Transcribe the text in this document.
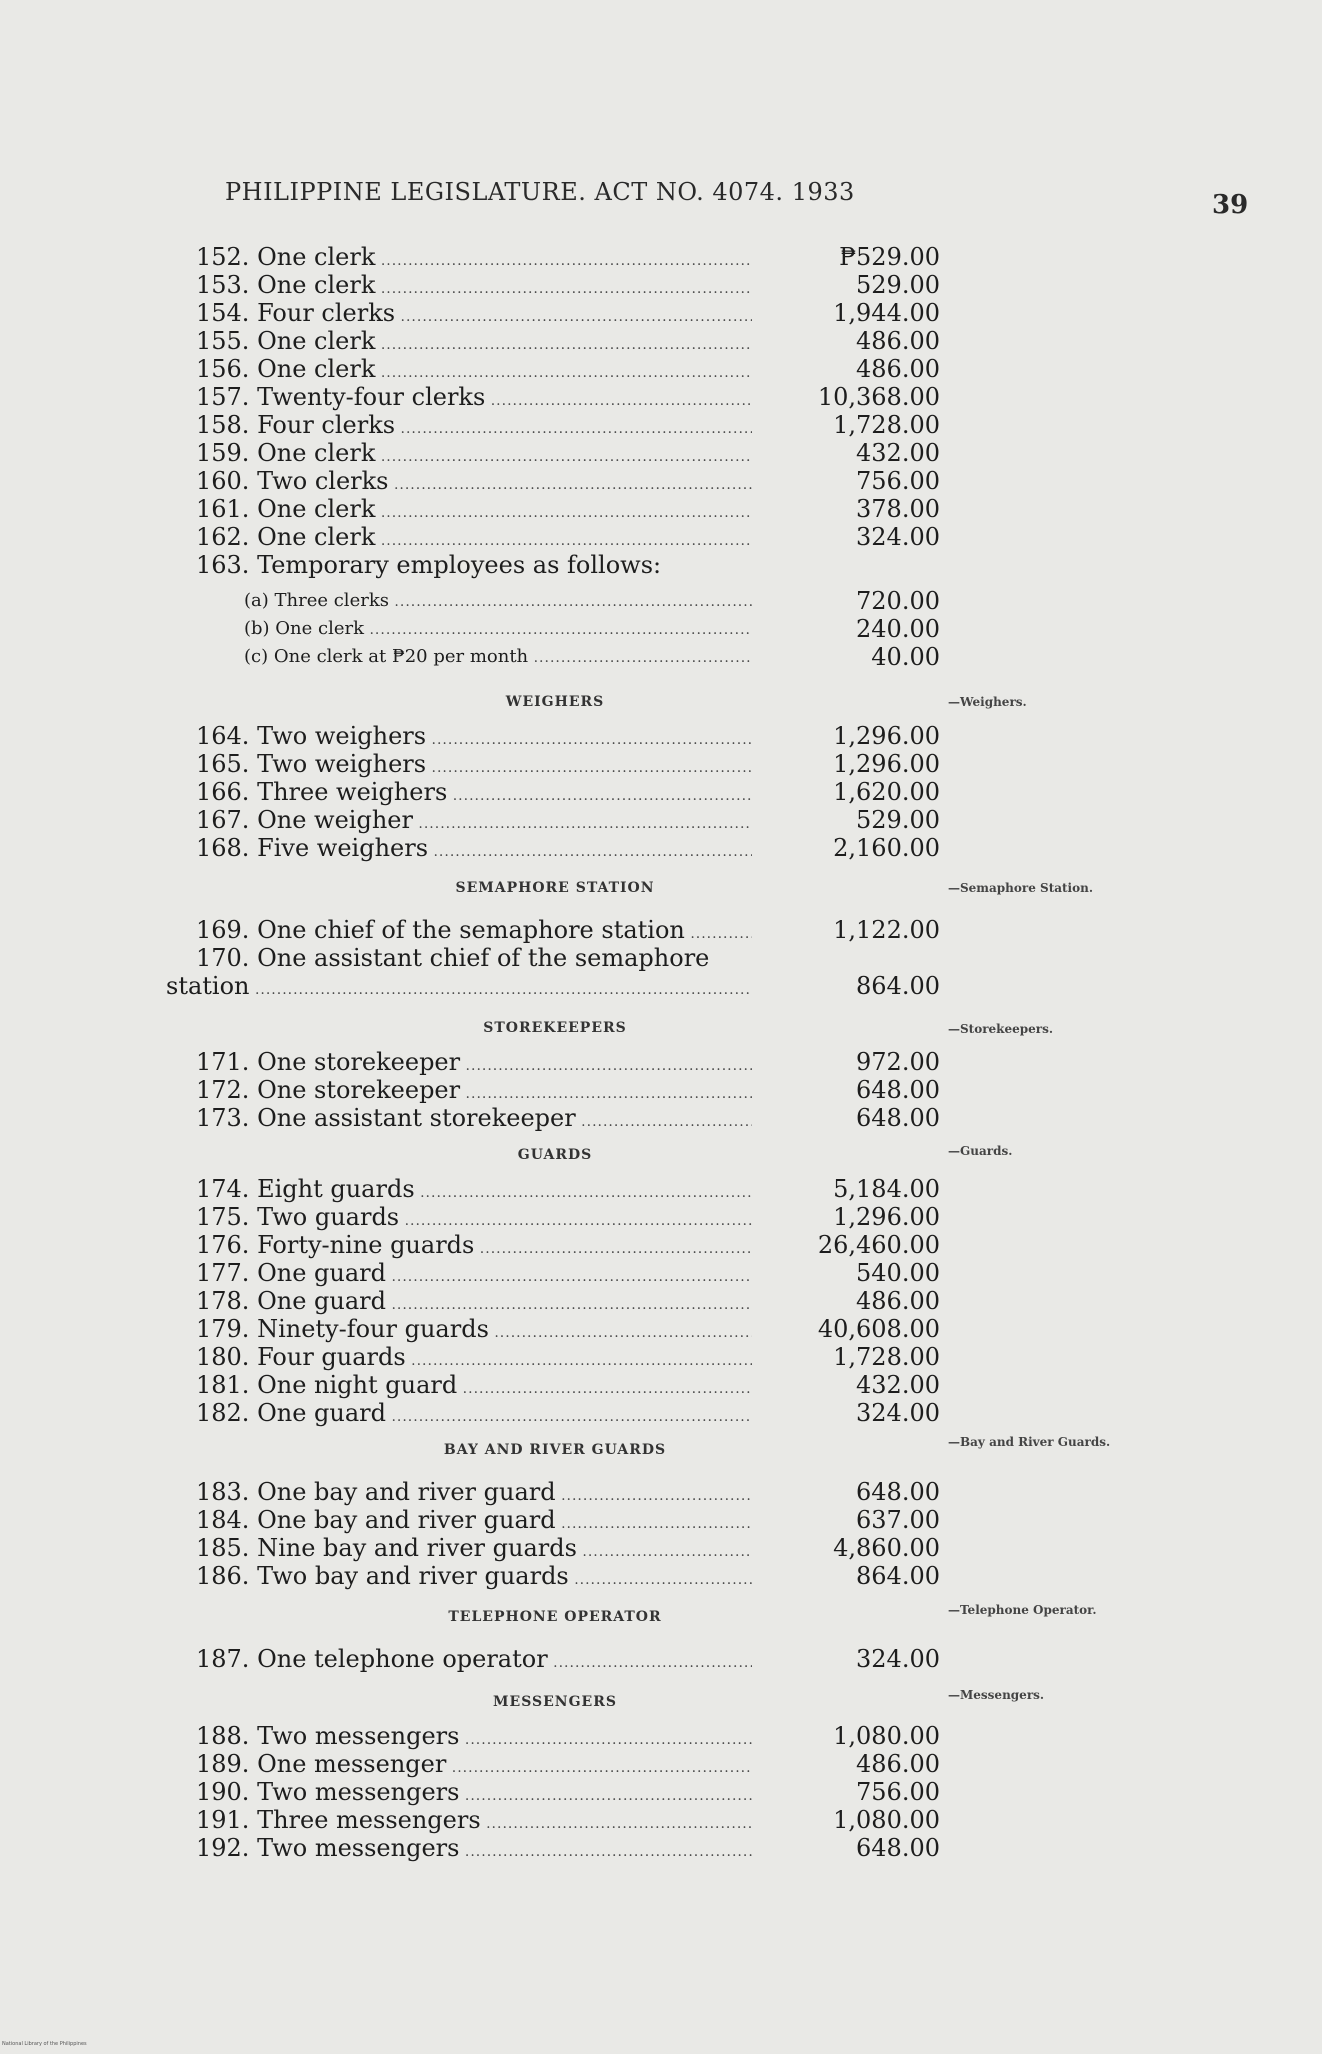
PHILIPPINE LEGISLATURE. ACT NO. 4074. 1933	39
152. One clerk .....	₱529.00
153. One clerk .....	529.00
154. Four clerks .....	1,944.00
155. One clerk .....	486.00
156. One clerk .....	486.00
157. Twenty-four clerks .....	10,368.00
158. Four clerks .....	1,728.00
159. One clerk .....	432.00
160. Two clerks .....	756.00
161. One clerk .....	378.00
162. One clerk .....	324.00
163. Temporary employees as follows:
(a) Three clerks .....	720.00
(b) One clerk .....	240.00
(c) One clerk at ₱20 per month .....	40.00
—Weighers.
WEIGHERS
164. Two weighers .....	1,296.00
165. Two weighers .....	1,296.00
166. Three weighers .....	1,620.00
167. One weigher .....	529.00
168. Five weighers .....	2,160.00
—Semaphore Station.
SEMAPHORE STATION
169. One chief of the semaphore station .....	1,122.00
170. One assistant chief of the semaphore
station .....	864.00
—Storekeepers.
STOREKEEPERS
171. One storekeeper .....	972.00
172. One storekeeper .....	648.00
173. One assistant storekeeper .....	648.00
—Guards.
GUARDS
174. Eight guards .....	5,184.00
175. Two guards .....	1,296.00
176. Forty-nine guards .....	26,460.00
177. One guard .....	540.00
178. One guard .....	486.00
179. Ninety-four guards .....	40,608.00
180. Four guards .....	1,728.00
181. One night guard .....	432.00
182. One guard .....	324.00
—Bay and River Guards.
BAY AND RIVER GUARDS
183. One bay and river guard .....	648.00
184. One bay and river guard .....	637.00
185. Nine bay and river guards .....	4,860.00
186. Two bay and river guards .....	864.00
—Telephone Operator.
TELEPHONE OPERATOR
187. One telephone operator .....	324.00
—Messengers.
MESSENGERS
188. Two messengers .....	1,080.00
189. One messenger .....	486.00
190. Two messengers .....	756.00
191. Three messengers .....	1,080.00
192. Two messengers .....	648.00
National Library of the Philippines
